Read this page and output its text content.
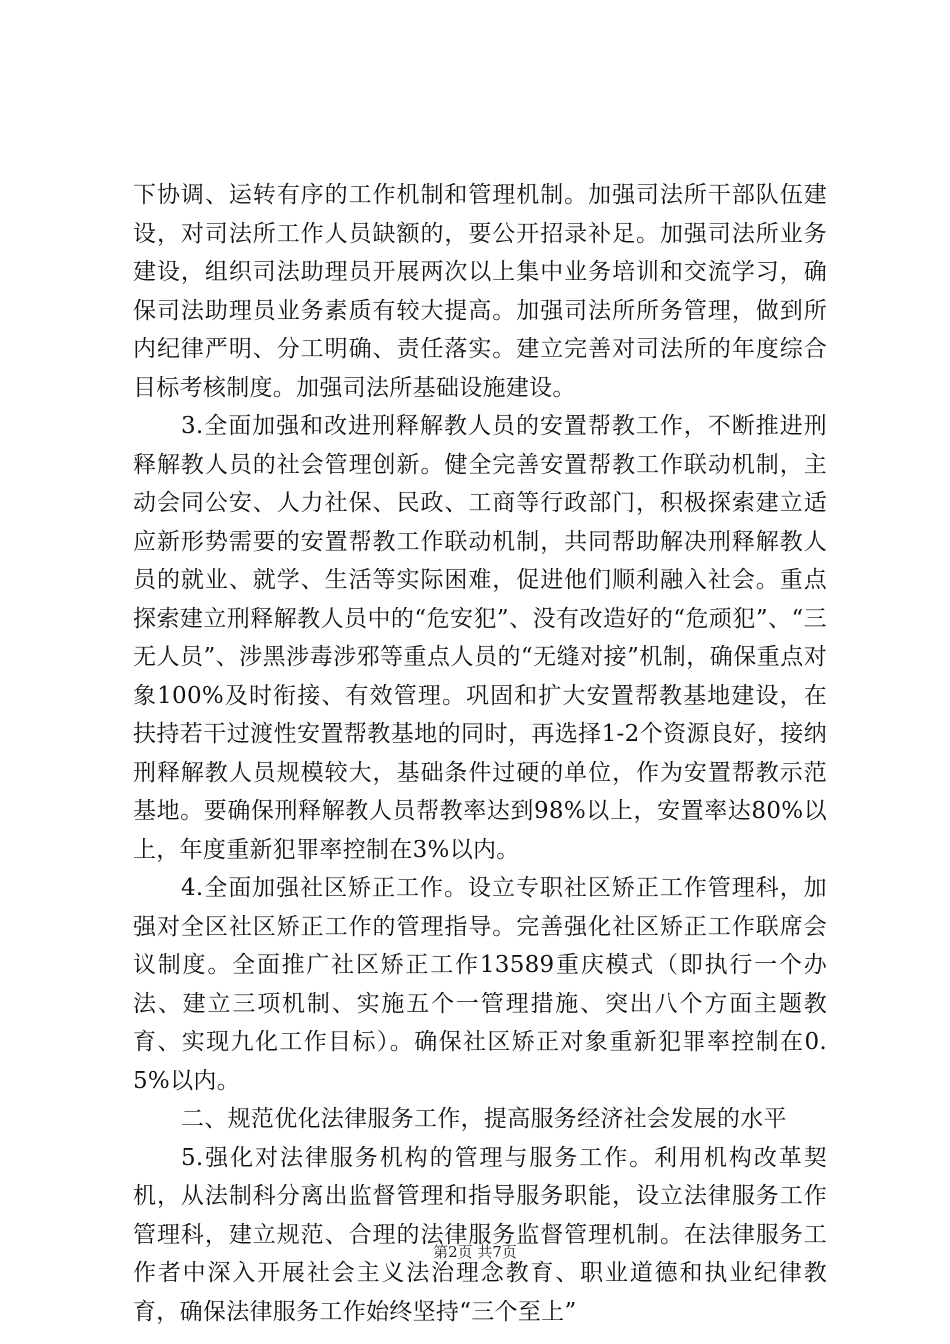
下协调、运转有序的工作机制和管理机制。加强司法所干部队伍建设，对司法所工作人员缺额的，要公开招录补足。加强司法所业务建设，组织司法助理员开展两次以上集中业务培训和交流学习，确保司法助理员业务素质有较大提高。加强司法所所务管理，做到所内纪律严明、分工明确、责任落实。建立完善对司法所的年度综合目标考核制度。加强司法所基础设施建设。

3.全面加强和改进刑释解教人员的安置帮教工作，不断推进刑释解教人员的社会管理创新。健全完善安置帮教工作联动机制，主动会同公安、人力社保、民政、工商等行政部门，积极探索建立适应新形势需要的安置帮教工作联动机制，共同帮助解决刑释解教人员的就业、就学、生活等实际困难，促进他们顺利融入社会。重点探索建立刑释解教人员中的“危安犯”、没有改造好的“危顽犯”、“三无人员”、涉黑涉毒涉邪等重点人员的“无缝对接”机制，确保重点对象100%及时衔接、有效管理。巩固和扩大安置帮教基地建设，在扶持若干过渡性安置帮教基地的同时，再选择1-2个资源良好，接纳刑释解教人员规模较大，基础条件过硬的单位，作为安置帮教示范基地。要确保刑释解教人员帮教率达到98%以上，安置率达80%以上，年度重新犯罪率控制在3%以内。

4.全面加强社区矫正工作。设立专职社区矫正工作管理科，加强对全区社区矫正工作的管理指导。完善强化社区矫正工作联席会议制度。全面推广社区矫正工作13589重庆模式（即执行一个办法、建立三项机制、实施五个一管理措施、突出八个方面主题教育、实现九化工作目标）。确保社区矫正对象重新犯罪率控制在0.5%以内。

二、规范优化法律服务工作，提高服务经济社会发展的水平

5.强化对法律服务机构的管理与服务工作。利用机构改革契机，从法制科分离出监督管理和指导服务职能，设立法律服务工作管理科，建立规范、合理的法律服务监督管理机制。在法律服务工作者中深入开展社会主义法治理念教育、职业道德和执业纪律教育，确保法律服务工作始终坚持“三个至上”

第2页 共7页
